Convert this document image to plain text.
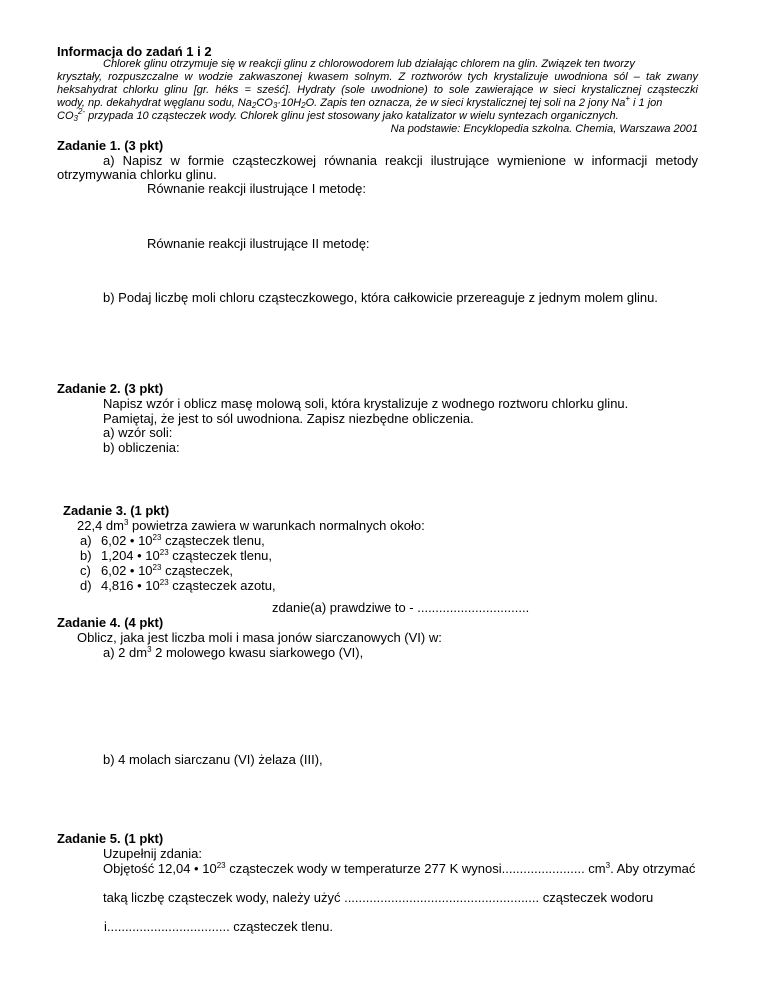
Informacja do zadań 1 i 2
Chlorek glinu otrzymuje się w reakcji glinu z chlorowodorem lub działając chlorem na glin. Związek ten tworzy
kryształy, rozpuszczalne w wodzie zakwaszonej kwasem solnym. Z roztworów tych krystalizuje uwodniona sól – tak zwany
heksahydrat chlorku glinu [gr. héks = sześć]. Hydraty (sole uwodnione) to sole zawierające w sieci krystalicznej cząsteczki
wody, np. dekahydrat węglanu sodu, $Na_2CO_3\cdot 10H_2O$. Zapis ten oznacza, że w sieci krystalicznej tej soli na 2 jony Na+ i 1 jon
$CO_3^{2-}$ przypada 10 cząsteczek wody. Chlorek glinu jest stosowany jako katalizator w wielu syntezach organicznych.
Na podstawie: Encyklopedia szkolna. Chemia, Warszawa 2001
Zadanie 1. (3 pkt)
a) Napisz w formie cząsteczkowej równania reakcji ilustrujące wymienione w informacji metody
otrzymywania chlorku glinu.
Równanie reakcji ilustrujące I metodę:
Równanie reakcji ilustrujące II metodę:
b) Podaj liczbę moli chloru cząsteczkowego, która całkowicie przereaguje z jednym molem glinu.
Zadanie 2. (3 pkt)
Napisz wzór i oblicz masę molową soli, która krystalizuje z wodnego roztworu chlorku glinu.
Pamiętaj, że jest to sól uwodniona. Zapisz niezbędne obliczenia.
a) wzór soli:
b) obliczenia:
Zadanie 3. (1 pkt)
22,4 $dm^3$ powietrza zawiera w warunkach normalnych około:
a) 6,02 • $10^{23}$ cząsteczek tlenu,
b) 1,204 • $10^{23}$ cząsteczek tlenu,
c) 6,02 • $10^{23}$ cząsteczek,
d) 4,816 • $10^{23}$ cząsteczek azotu,
zdanie(a) prawdziwe to - ...............................
Zadanie 4. (4 pkt)
Oblicz, jaka jest liczba moli i masa jonów siarczanowych (VI) w:
a) 2 $dm^3$ 2 molowego kwasu siarkowego (VI),
b) 4 molach siarczanu (VI) żelaza (III),
Zadanie 5. (1 pkt)
Uzupełnij zdania:
Objętość 12,04 • $10^{23}$ cząsteczek wody w temperaturze 277 K wynosi....................... $cm^3$. Aby otrzymać
taką liczbę cząsteczek wody, należy użyć ...................................................... cząsteczek wodoru
i.................................. cząsteczek tlenu.
